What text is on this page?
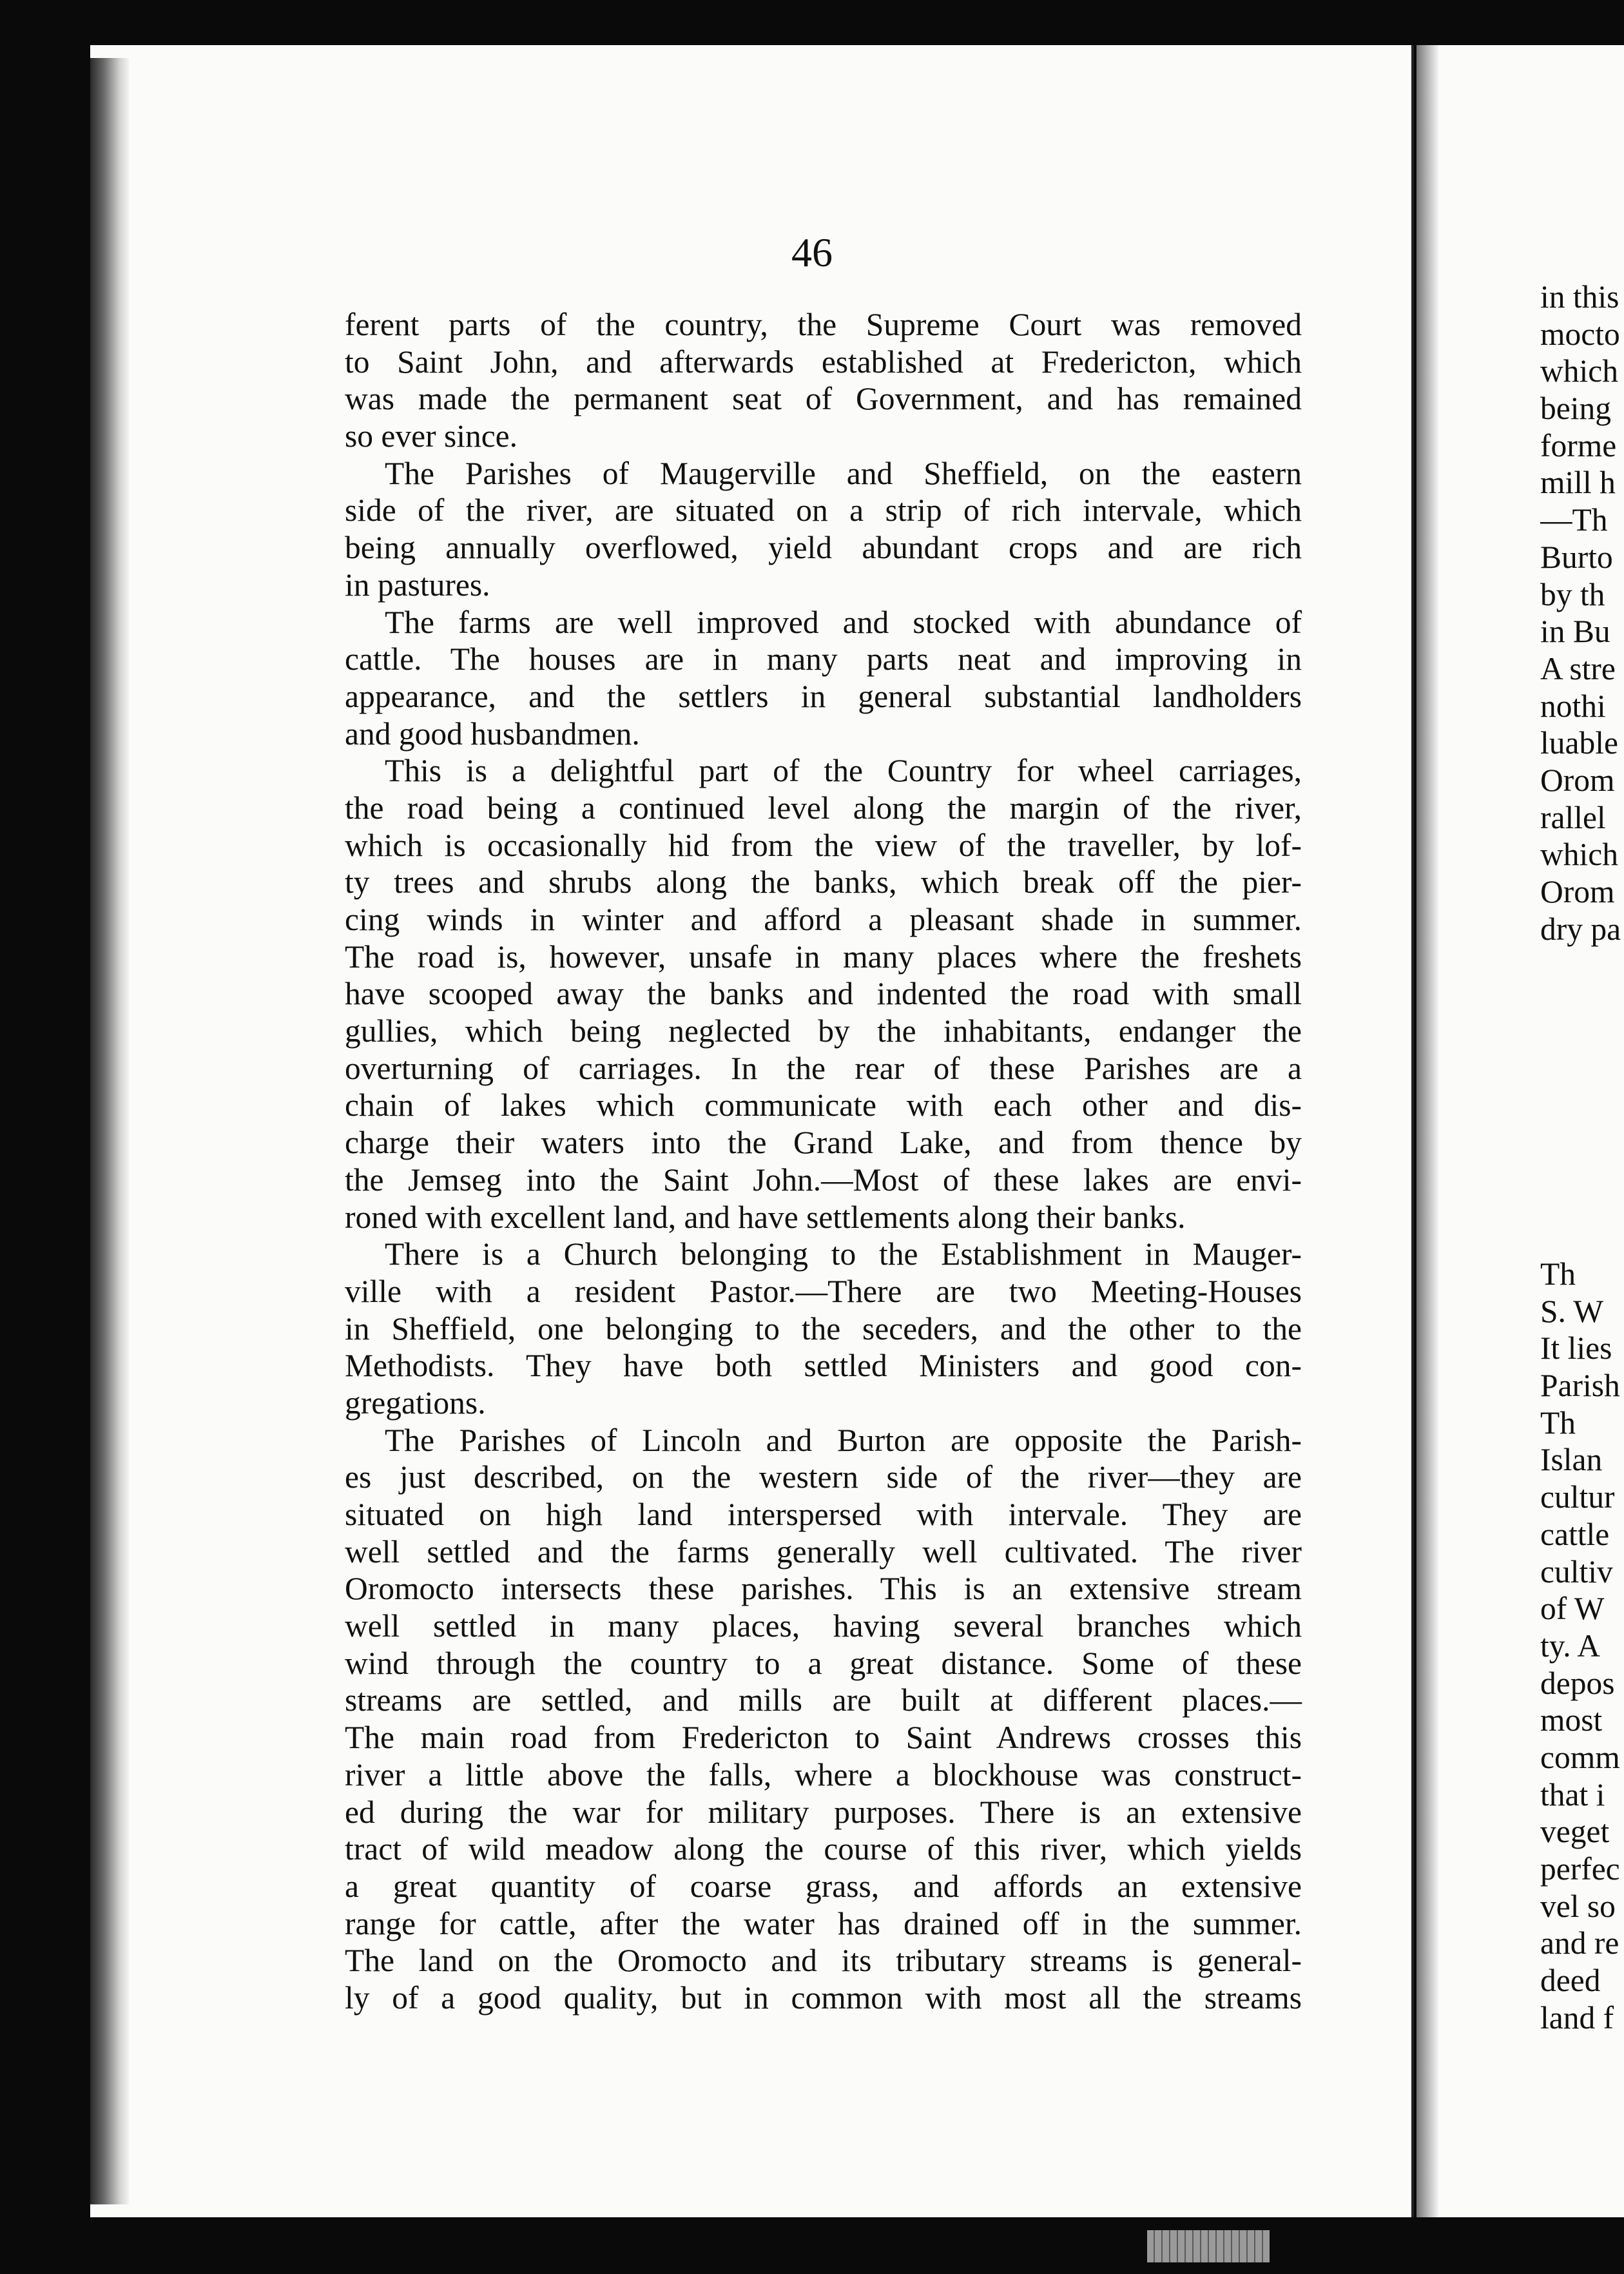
46
ferent parts of the country, the Supreme Court was removed
to Saint John, and afterwards established at Fredericton, which
was made the permanent seat of Government, and has remained
so ever since.
The Parishes of Maugerville and Sheffield, on the eastern
side of the river, are situated on a strip of rich intervale, which
being annually overflowed, yield abundant crops and are rich
in pastures.
The farms are well improved and stocked with abundance of
cattle. The houses are in many parts neat and improving in
appearance, and the settlers in general substantial landholders
and good husbandmen.
This is a delightful part of the Country for wheel carriages,
the road being a continued level along the margin of the river,
which is occasionally hid from the view of the traveller, by lof-
ty trees and shrubs along the banks, which break off the pier-
cing winds in winter and afford a pleasant shade in summer.
The road is, however, unsafe in many places where the freshets
have scooped away the banks and indented the road with small
gullies, which being neglected by the inhabitants, endanger the
overturning of carriages. In the rear of these Parishes are a
chain of lakes which communicate with each other and dis-
charge their waters into the Grand Lake, and from thence by
the Jemseg into the Saint John.—Most of these lakes are envi-
roned with excellent land, and have settlements along their banks.
There is a Church belonging to the Establishment in Mauger-
ville with a resident Pastor.—There are two Meeting-Houses
in Sheffield, one belonging to the seceders, and the other to the
Methodists. They have both settled Ministers and good con-
gregations.
The Parishes of Lincoln and Burton are opposite the Parish-
es just described, on the western side of the river—they are
situated on high land interspersed with intervale. They are
well settled and the farms generally well cultivated. The river
Oromocto intersects these parishes. This is an extensive stream
well settled in many places, having several branches which
wind through the country to a great distance. Some of these
streams are settled, and mills are built at different places.—
The main road from Fredericton to Saint Andrews crosses this
river a little above the falls, where a blockhouse was construct-
ed during the war for military purposes. There is an extensive
tract of wild meadow along the course of this river, which yields
a great quantity of coarse grass, and affords an extensive
range for cattle, after the water has drained off in the summer.
The land on the Oromocto and its tributary streams is general-
ly of a good quality, but in common with most all the streams
in this
mocto
which
being
forme
mill h
—Th
Burto
by th
in Bu
A stre
nothi
luable
Orom
rallel
which
Orom
dry pa
Th
S. W
It lies
Parish
Th
Islan
cultur
cattle
cultiv
of W
ty. A
depos
most
comm
that i
veget
perfec
vel so
and re
deed
land f
